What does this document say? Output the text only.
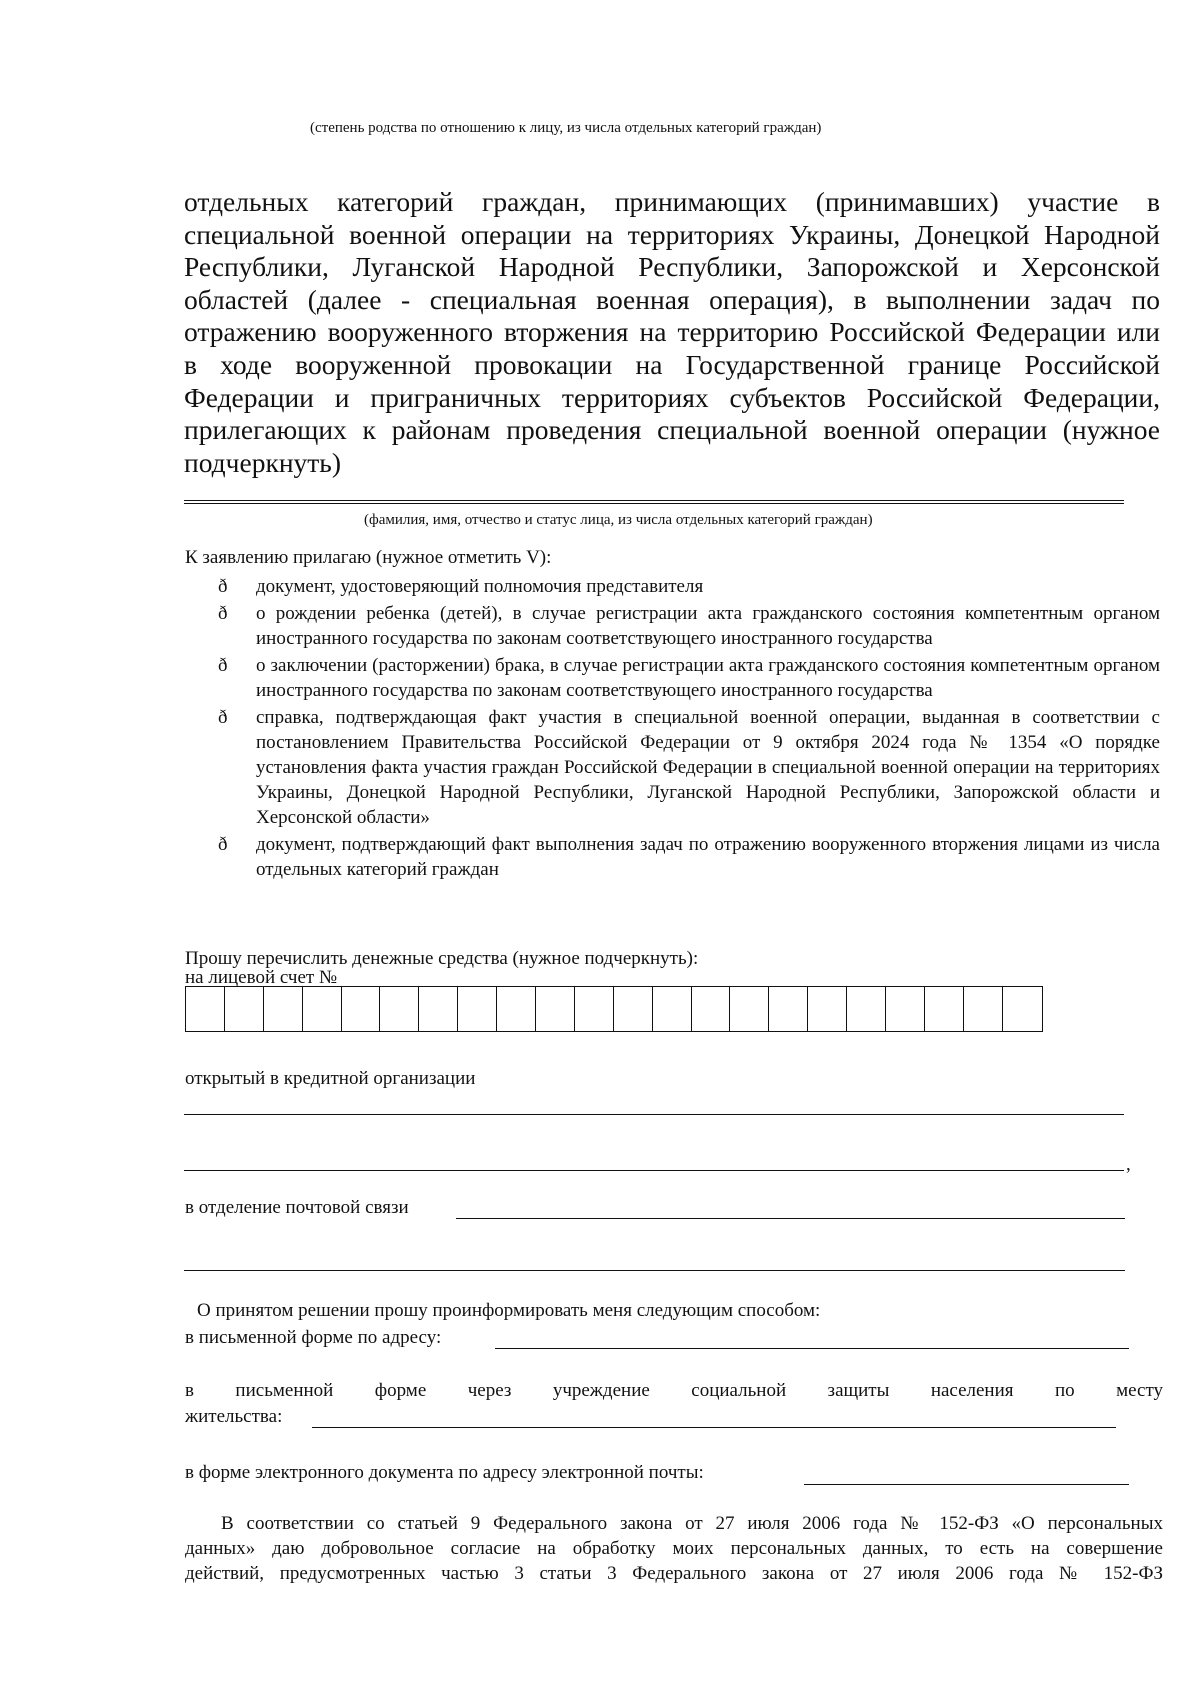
(степень родства по отношению к лицу, из числа отдельных категорий граждан)
отдельных категорий граждан, принимающих (принимавших) участие в
специальной военной операции на территориях Украины, Донецкой Народной
Республики, Луганской Народной Республики, Запорожской и Херсонской
областей (далее - специальная военная операция), в выполнении задач по
отражению вооруженного вторжения на территорию Российской Федерации или
в ходе вооруженной провокации на Государственной границе Российской
Федерации и приграничных территориях субъектов Российской Федерации,
прилегающих к районам проведения специальной военной операции (нужное
подчеркнуть)
(фамилия, имя, отчество и статус лица, из числа отдельных категорий граждан)
К заявлению прилагаю (нужное отметить V):
ð	документ, удостоверяющий полномочия представителя
ð	о рождении ребенка (детей), в случае регистрации акта гражданского состояния компетентным органом иностранного государства по законам соответствующего иностранного государства
ð	о заключении (расторжении) брака, в случае регистрации акта гражданского состояния компетентным органом иностранного государства по законам соответствующего иностранного государства
ð	справка, подтверждающая факт участия в специальной военной операции, выданная в соответствии с постановлением Правительства Российской Федерации от 9 октября 2024 года № 1354 «О порядке установления факта участия граждан Российской Федерации в специальной военной операции на территориях Украины, Донецкой Народной Республики, Луганской Народной Республики, Запорожской области и Херсонской области»
ð	документ, подтверждающий факт выполнения задач по отражению вооруженного вторжения лицами из числа отдельных категорий граждан
Прошу перечислить денежные средства (нужное подчеркнуть):
на лицевой счет №
открытый в кредитной организации
,
в отделение почтовой связи
О принятом решении прошу проинформировать меня следующим способом:
в письменной форме по адресу:
в письменной форме через учреждение социальной защиты населения по месту
жительства:
в форме электронного документа по адресу электронной почты:
В соответствии со статьей 9 Федерального закона от 27 июля 2006 года № 152-ФЗ «О персональных
данных» даю добровольное согласие на обработку моих персональных данных, то есть на совершение
действий, предусмотренных частью 3 статьи 3 Федерального закона от 27 июля 2006 года № 152-ФЗ
